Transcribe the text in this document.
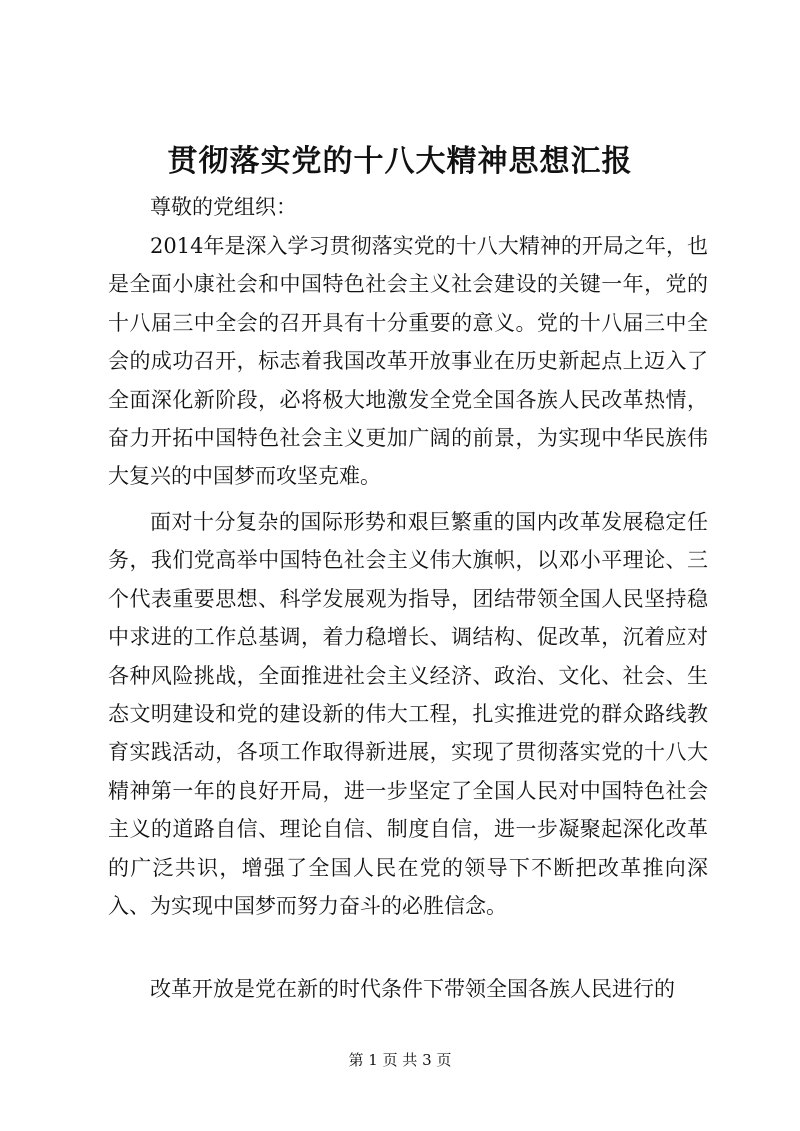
贯彻落实党的十八大精神思想汇报

尊敬的党组织：

2014年是深入学习贯彻落实党的十八大精神的开局之年，也是全面小康社会和中国特色社会主义社会建设的关键一年，党的十八届三中全会的召开具有十分重要的意义。党的十八届三中全会的成功召开，标志着我国改革开放事业在历史新起点上迈入了全面深化新阶段，必将极大地激发全党全国各族人民改革热情，奋力开拓中国特色社会主义更加广阔的前景，为实现中华民族伟大复兴的中国梦而攻坚克难。

面对十分复杂的国际形势和艰巨繁重的国内改革发展稳定任务，我们党高举中国特色社会主义伟大旗帜，以邓小平理论、三个代表重要思想、科学发展观为指导，团结带领全国人民坚持稳中求进的工作总基调，着力稳增长、调结构、促改革，沉着应对各种风险挑战，全面推进社会主义经济、政治、文化、社会、生态文明建设和党的建设新的伟大工程，扎实推进党的群众路线教育实践活动，各项工作取得新进展，实现了贯彻落实党的十八大精神第一年的良好开局，进一步坚定了全国人民对中国特色社会主义的道路自信、理论自信、制度自信，进一步凝聚起深化改革的广泛共识，增强了全国人民在党的领导下不断把改革推向深入、为实现中国梦而努力奋斗的必胜信念。

改革开放是党在新的时代条件下带领全国各族人民进行的

第 1 页 共 3 页
